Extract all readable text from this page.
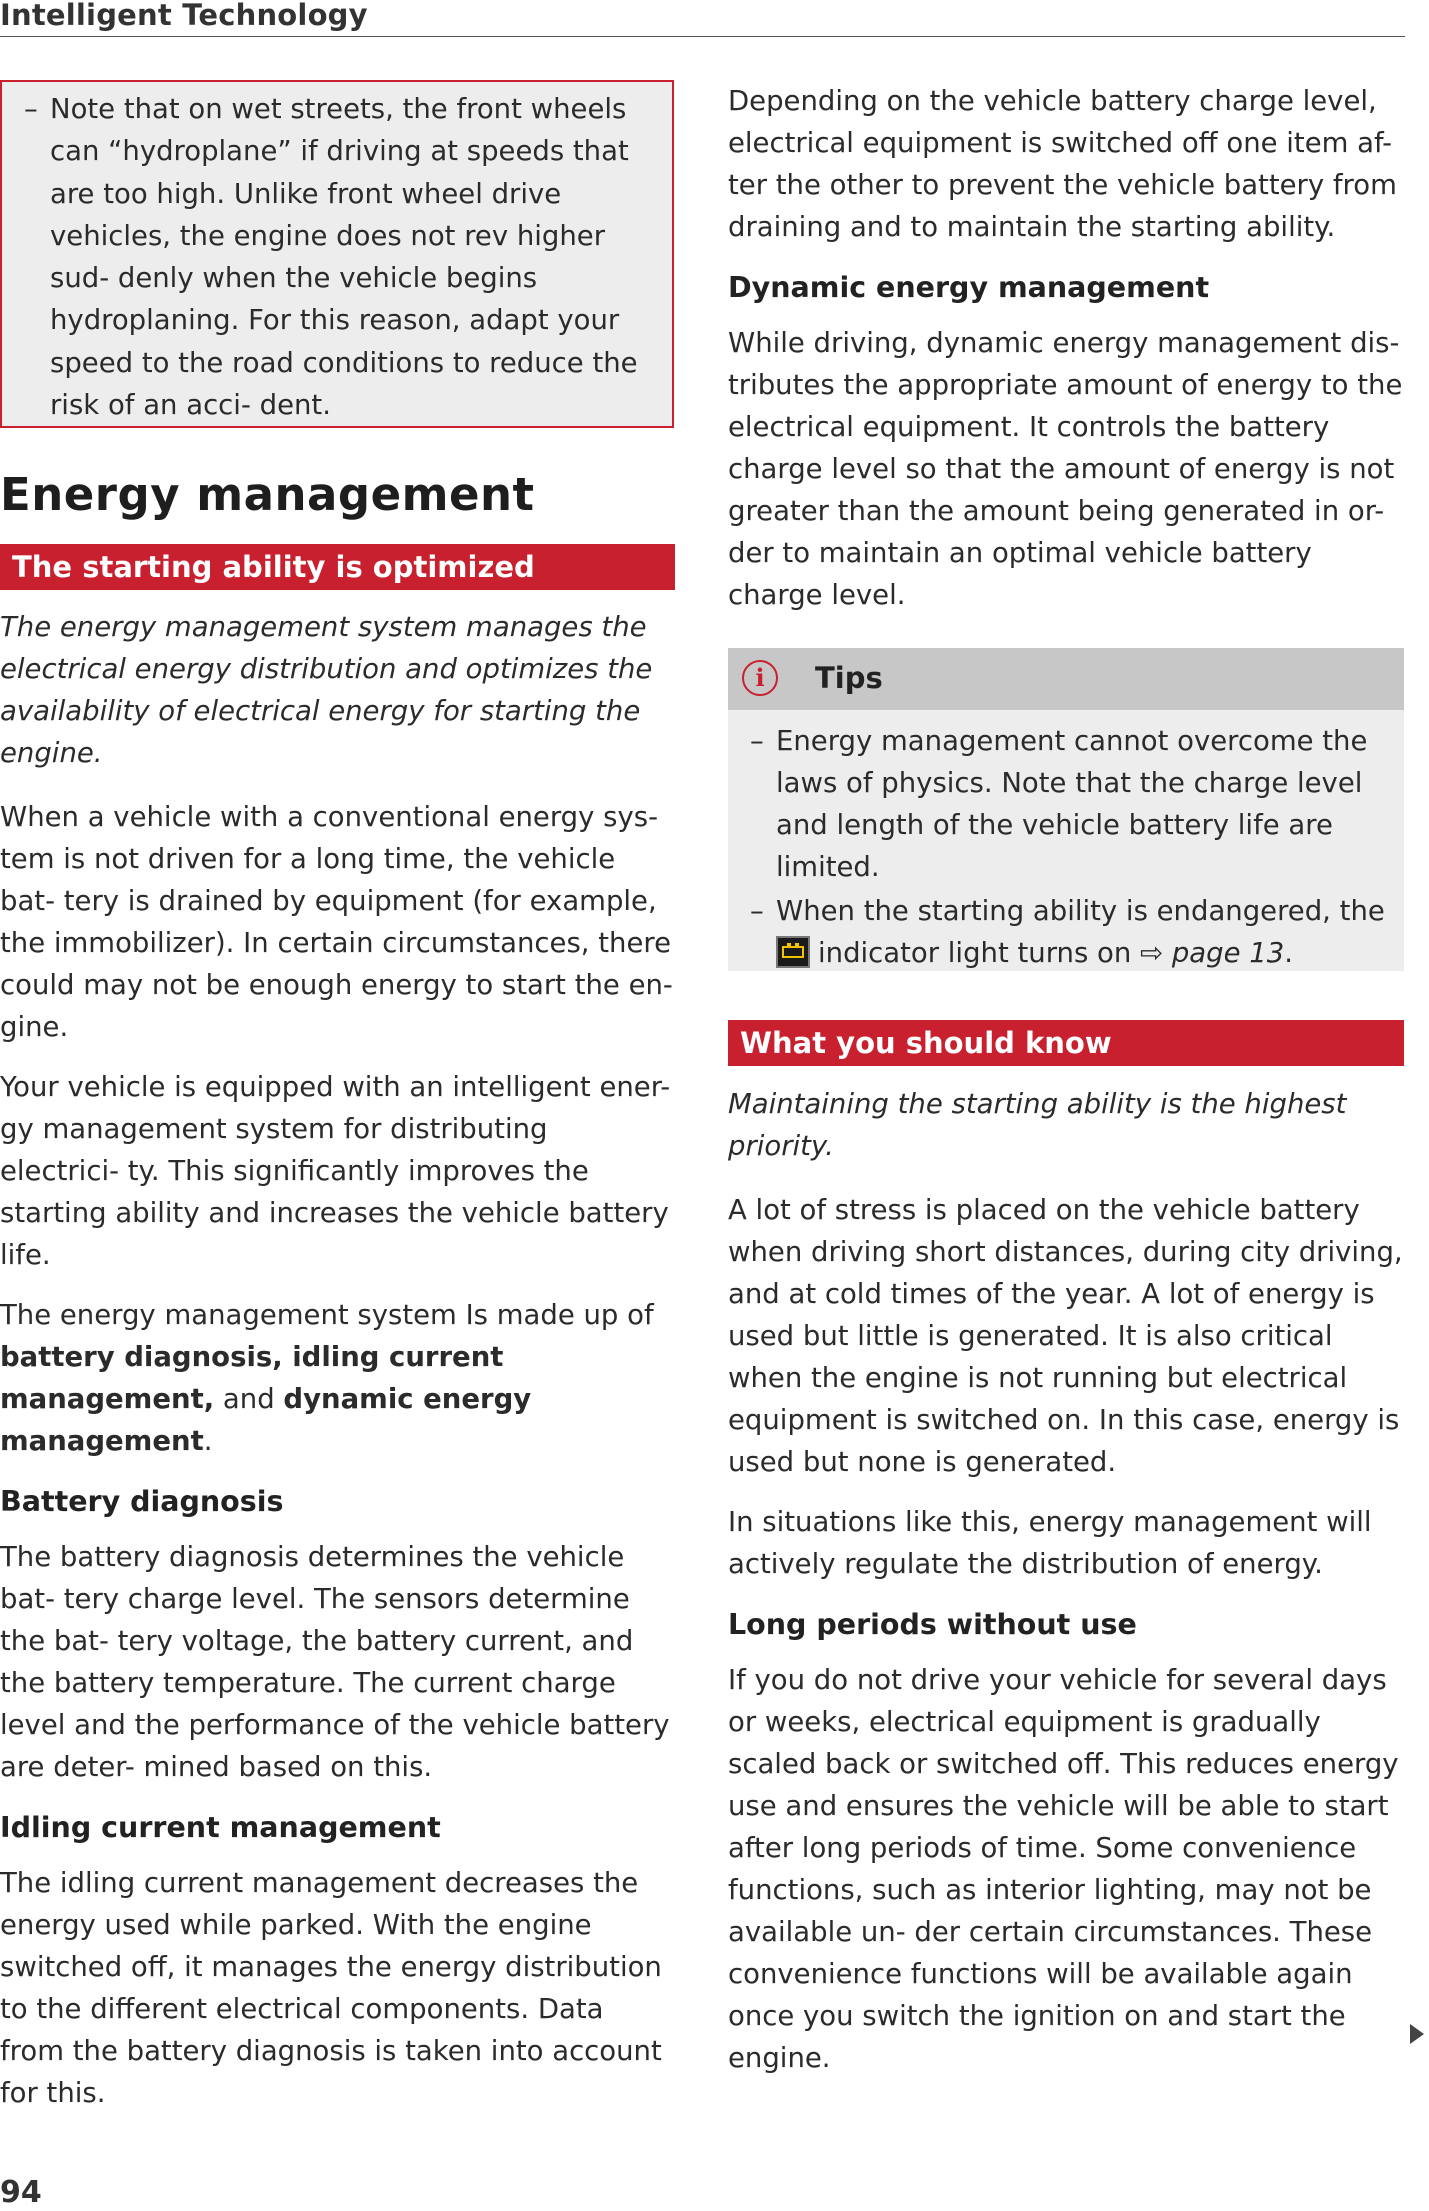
Intelligent Technology

– Note that on wet streets, the front wheels can “hydroplane” if driving at speeds that are too high. Unlike front wheel drive vehicles, the engine does not rev higher sud- denly when the vehicle begins hydroplaning. For this reason, adapt your speed to the road conditions to reduce the risk of an acci- dent.

Energy management
The starting ability is optimized

The energy management system manages the electrical energy distribution and optimizes the availability of electrical energy for starting the engine.

When a vehicle with a conventional energy sys- tem is not driven for a long time, the vehicle bat- tery is drained by equipment (for example, the immobilizer). In certain circumstances, there could may not be enough energy to start the en- gine.

Your vehicle is equipped with an intelligent ener- gy management system for distributing electrici- ty. This significantly improves the starting ability and increases the vehicle battery life.

The energy management system Is made up of battery diagnosis, idling current management, and dynamic energy management.

Battery diagnosis

The battery diagnosis determines the vehicle bat- tery charge level. The sensors determine the bat- tery voltage, the battery current, and the battery temperature. The current charge level and the performance of the vehicle battery are deter- mined based on this.

Idling current management

The idling current management decreases the energy used while parked. With the engine switched off, it manages the energy distribution to the different electrical components. Data from the battery diagnosis is taken into account for this.

Depending on the vehicle battery charge level, electrical equipment is switched off one item af- ter the other to prevent the vehicle battery from draining and to maintain the starting ability.

Dynamic energy management

While driving, dynamic energy management dis- tributes the appropriate amount of energy to the electrical equipment. It controls the battery charge level so that the amount of energy is not greater than the amount being generated in or- der to maintain an optimal vehicle battery charge level.

i	Tips

– Energy management cannot overcome the laws of physics. Note that the charge level and length of the vehicle battery life are limited.

– When the starting ability is endangered, the
indicator light turns on ⇨ page 13.

What you should know

Maintaining the starting ability is the highest priority.

A lot of stress is placed on the vehicle battery when driving short distances, during city driving, and at cold times of the year. A lot of energy is used but little is generated. It is also critical when the engine is not running but electrical equipment is switched on. In this case, energy is used but none is generated.

In situations like this, energy management will actively regulate the distribution of energy.

Long periods without use

If you do not drive your vehicle for several days or weeks, electrical equipment is gradually scaled back or switched off. This reduces energy use and ensures the vehicle will be able to start after long periods of time. Some convenience functions, such as interior lighting, may not be available un- der certain circumstances. These convenience functions will be available again once you switch the ignition on and start the engine.

94
